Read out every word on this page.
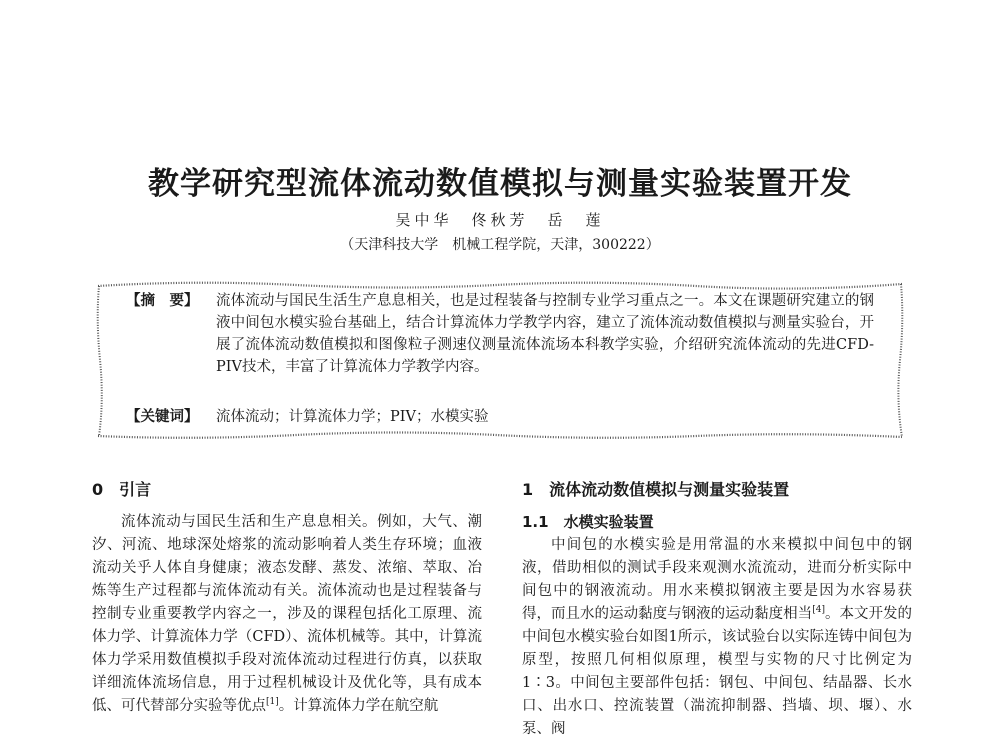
教学研究型流体流动数值模拟与测量实验装置开发
吴中华　佟秋芳　岳　莲
（天津科技大学　机械工程学院，天津，300222）
【摘　要】 流体流动与国民生活生产息息相关，也是过程装备与控制专业学习重点之一。本文在课题研究建立的钢液中间包水模实验台基础上，结合计算流体力学教学内容，建立了流体流动数值模拟与测量实验台，开展了流体流动数值模拟和图像粒子测速仪测量流体流场本科教学实验，介绍研究流体流动的先进CFD-PIV技术，丰富了计算流体力学教学内容。
【关键词】 流体流动；计算流体力学；PIV；水模实验
0　引言

流体流动与国民生活和生产息息相关。例如，大气、潮汐、河流、地球深处熔浆的流动影响着人类生存环境；血液流动关乎人体自身健康；液态发酵、蒸发、浓缩、萃取、冶炼等生产过程都与流体流动有关。流体流动也是过程装备与控制专业重要教学内容之一，涉及的课程包括化工原理、流体力学、计算流体力学（CFD）、流体机械等。其中，计算流体力学采用数值模拟手段对流体流动过程进行仿真，以获取详细流体流场信息，用于过程机械设计及优化等，具有成本低、可代替部分实验等优点[1]。计算流体力学在航空航

1　流体流动数值模拟与测量实验装置
1.1　水模实验装置

中间包的水模实验是用常温的水来模拟中间包中的钢液，借助相似的测试手段来观测水流流动，进而分析实际中间包中的钢液流动。用水来模拟钢液主要是因为水容易获得，而且水的运动黏度与钢液的运动黏度相当[4]。本文开发的中间包水模实验台如图1所示，该试验台以实际连铸中间包为原型，按照几何相似原理，模型与实物的尺寸比例定为1∶3。中间包主要部件包括：钢包、中间包、结晶器、长水口、出水口、控流装置（湍流抑制器、挡墙、坝、堰）、水泵、阀
